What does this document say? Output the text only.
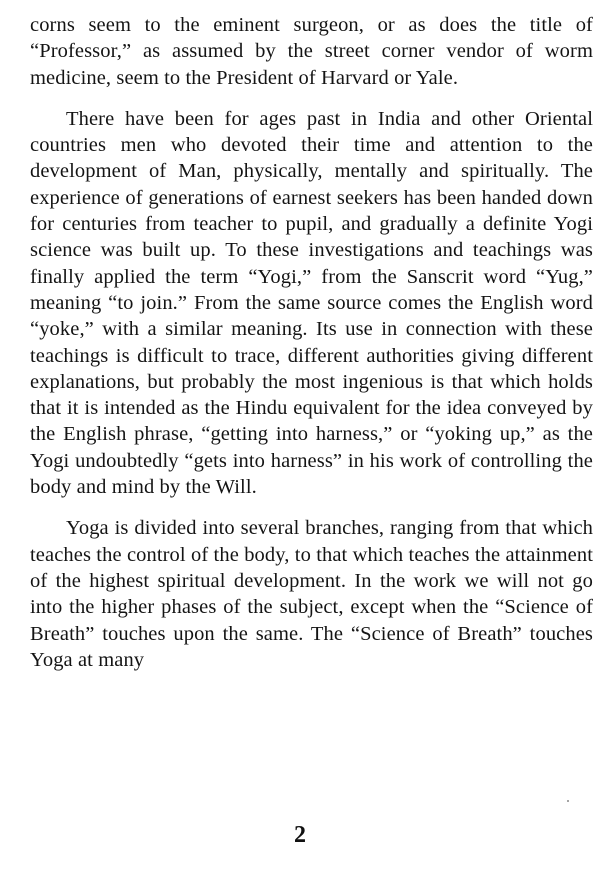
corns seem to the eminent surgeon, or as does the title of “Professor,” as assumed by the street corner vendor of worm medicine, seem to the President of Harvard or Yale.

There have been for ages past in India and other Oriental countries men who devoted their time and attention to the development of Man, physically, mentally and spiritually. The experience of generations of earnest seekers has been handed down for centuries from teacher to pupil, and gradually a definite Yogi science was built up. To these investigations and teachings was finally applied the term “Yogi,” from the Sanscrit word “Yug,” meaning “to join.” From the same source comes the English word “yoke,” with a similar meaning. Its use in connection with these teachings is difficult to trace, different authorities giving different explanations, but probably the most ingenious is that which holds that it is intended as the Hindu equivalent for the idea conveyed by the English phrase, “getting into harness,” or “yoking up,” as the Yogi undoubtedly “gets into harness” in his work of controlling the body and mind by the Will.

Yoga is divided into several branches, ranging from that which teaches the control of the body, to that which teaches the attainment of the highest spiritual development. In the work we will not go into the higher phases of the subject, except when the “Science of Breath” touches upon the same. The “Science of Breath” touches Yoga at many

2
